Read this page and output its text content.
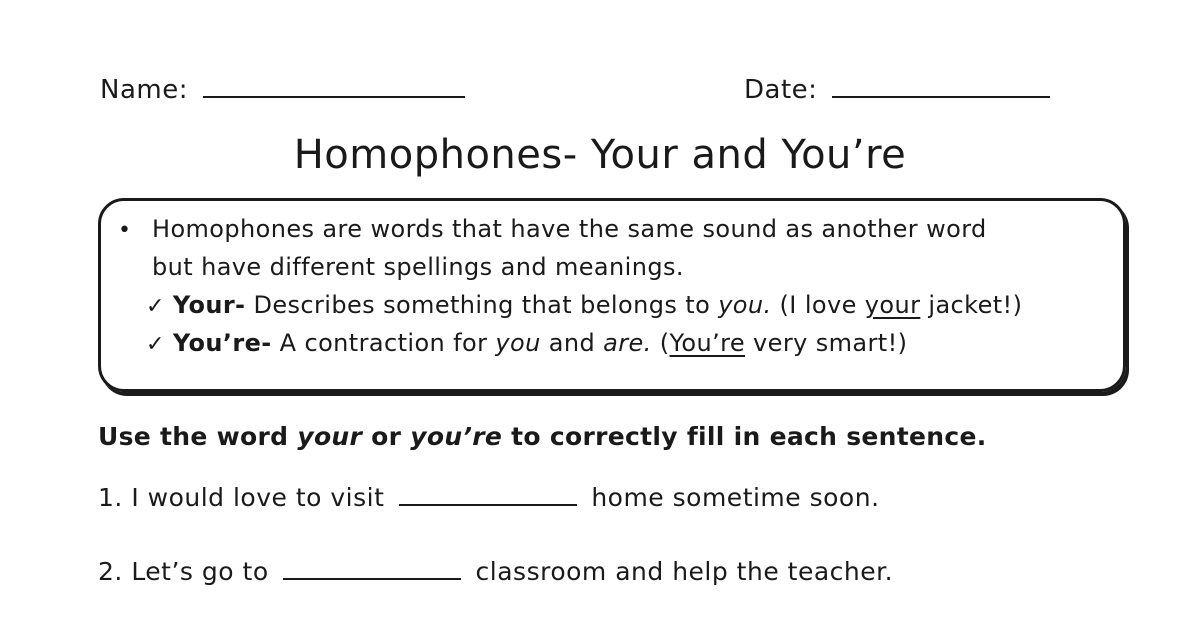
Name:	Date:
Homophones- Your and You’re
• Homophones are words that have the same sound as another word
but have different spellings and meanings.
✓ Your- Describes something that belongs to you. (I love your jacket!)
✓ You’re- A contraction for you and are. (You’re very smart!)
Use the word your or you’re to correctly fill in each sentence.
1. I would love to visit	home sometime soon.
2. Let’s go to	classroom and help the teacher.
